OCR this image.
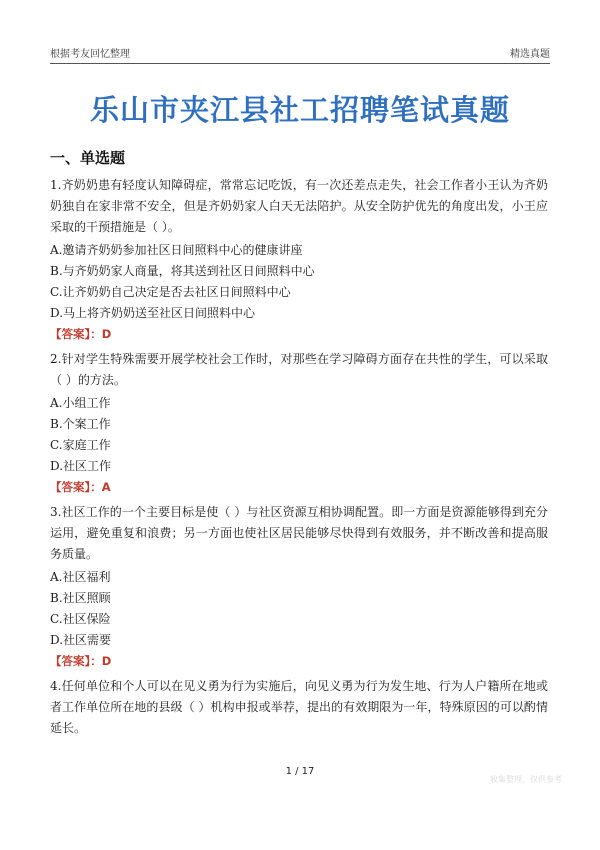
根据考友回忆整理	精选真题
乐山市夹江县社工招聘笔试真题
一、单选题

1.齐奶奶患有轻度认知障碍症，常常忘记吃饭，有一次还差点走失，社会工作者小王认为齐奶奶独自在家非常不安全，但是齐奶奶家人白天无法陪护。从安全防护优先的角度出发，小王应采取的干预措施是（ ）。

A.邀请齐奶奶参加社区日间照料中心的健康讲座

B.与齐奶奶家人商量，将其送到社区日间照料中心

C.让齐奶奶自己决定是否去社区日间照料中心

D.马上将齐奶奶送至社区日间照料中心

【答案】：D

2.针对学生特殊需要开展学校社会工作时，对那些在学习障碍方面存在共性的学生，可以采取（ ）的方法。

A.小组工作

B.个案工作

C.家庭工作

D.社区工作

【答案】：A

3.社区工作的一个主要目标是使（ ）与社区资源互相协调配置。即一方面是资源能够得到充分运用，避免重复和浪费；另一方面也使社区居民能够尽快得到有效服务，并不断改善和提高服务质量。

A.社区福利

B.社区照顾

C.社区保险

D.社区需要

【答案】：D

4.任何单位和个人可以在见义勇为行为实施后，向见义勇为行为发生地、行为人户籍所在地或者工作单位所在地的县级（ ）机构申报或举荐，提出的有效期限为一年，特殊原因的可以酌情延长。

1 / 17
收集整理，仅供参考
